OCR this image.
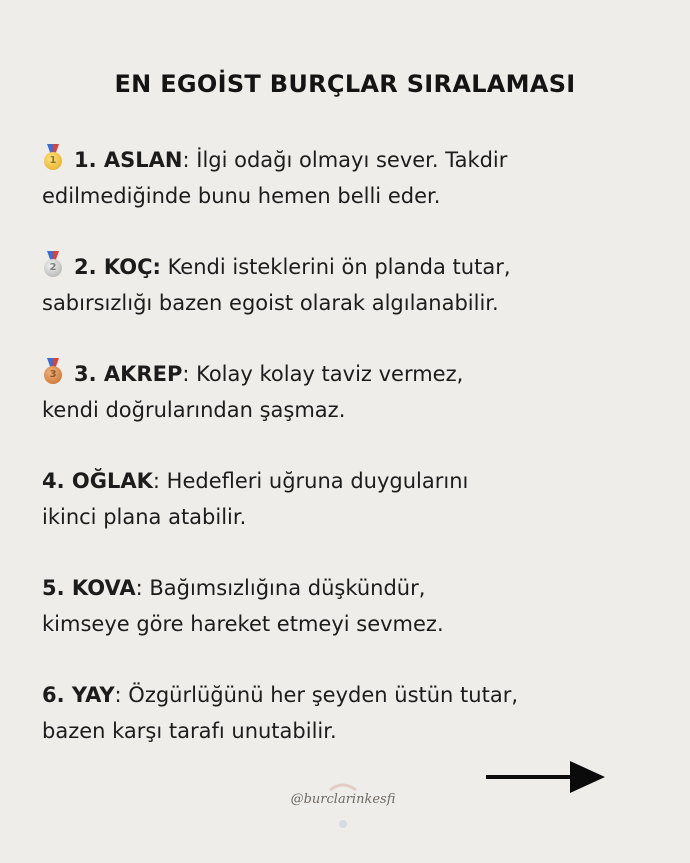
EN EGOİST BURÇLAR SIRALAMASI
1 1. ASLAN: İlgi odağı olmayı sever. Takdir
edilmediğinde bunu hemen belli eder.
2 2. KOÇ: Kendi isteklerini ön planda tutar,
sabırsızlığı bazen egoist olarak algılanabilir.
3 3. AKREP: Kolay kolay taviz vermez,
kendi doğrularından şaşmaz.
4. OĞLAK: Hedefleri uğruna duygularını
ikinci plana atabilir.
5. KOVA: Bağımsızlığına düşkündür,
kimseye göre hareket etmeyi sevmez.
6. YAY: Özgürlüğünü her şeyden üstün tutar,
bazen karşı tarafı unutabilir.
@burclarinkesfi
